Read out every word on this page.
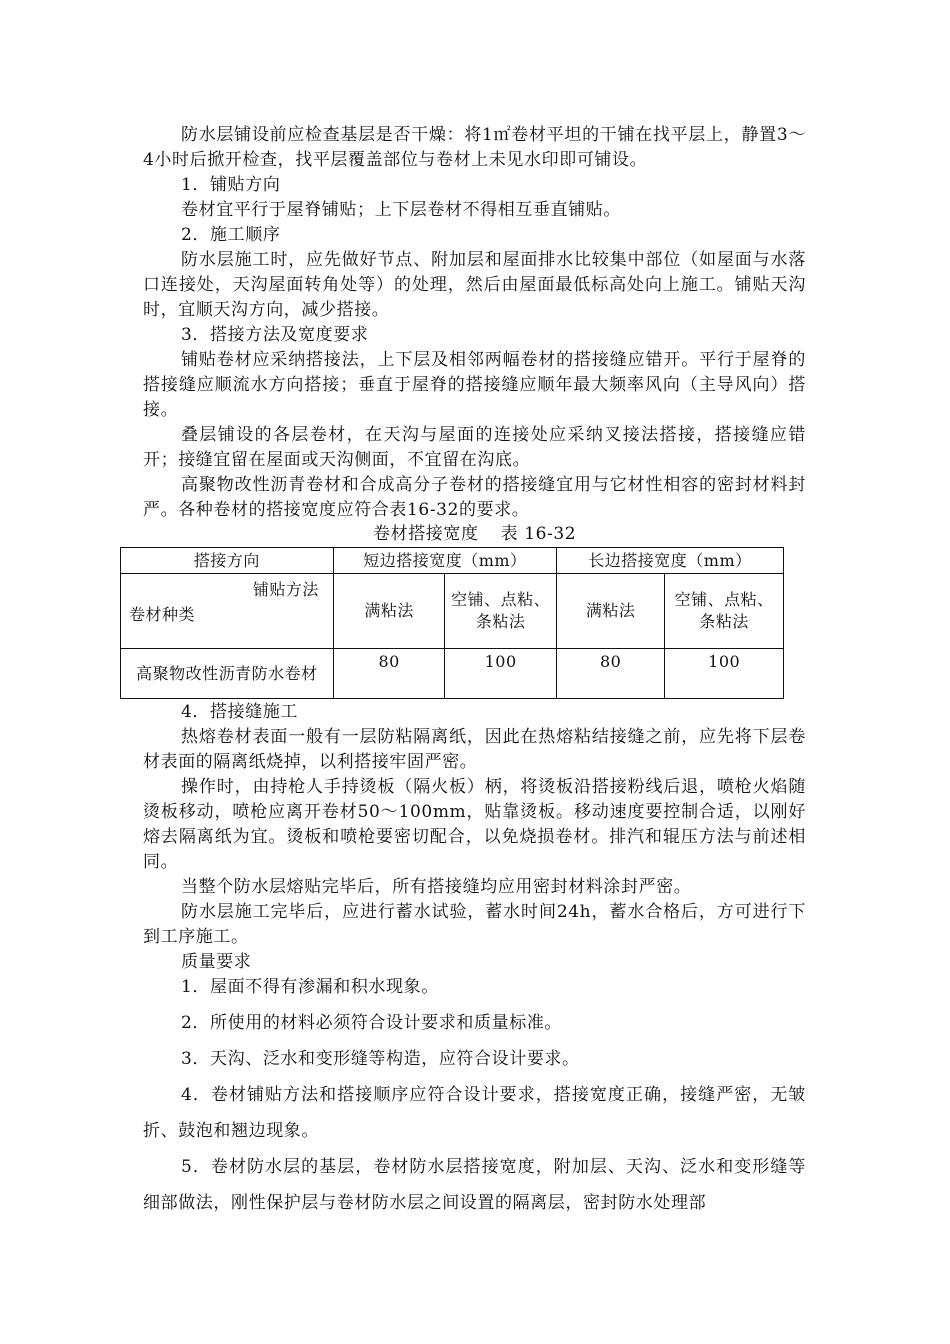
防水层铺设前应检查基层是否干燥：将1㎡卷材平坦的干铺在找平层上，静置3～4小时后掀开检查，找平层覆盖部位与卷材上未见水印即可铺设。

1．铺贴方向

卷材宜平行于屋脊铺贴；上下层卷材不得相互垂直铺贴。

2．施工顺序

防水层施工时，应先做好节点、附加层和屋面排水比较集中部位（如屋面与水落口连接处，天沟屋面转角处等）的处理，然后由屋面最低标高处向上施工。铺贴天沟时，宜顺天沟方向，减少搭接。

3．搭接方法及宽度要求

铺贴卷材应采纳搭接法，上下层及相邻两幅卷材的搭接缝应错开。平行于屋脊的搭接缝应顺流水方向搭接；垂直于屋脊的搭接缝应顺年最大频率风向（主导风向）搭接。

叠层铺设的各层卷材，在天沟与屋面的连接处应采纳叉接法搭接，搭接缝应错开；接缝宜留在屋面或天沟侧面，不宜留在沟底。

高聚物改性沥青卷材和合成高分子卷材的搭接缝宜用与它材性相容的密封材料封严。各种卷材的搭接宽度应符合表16-32的要求。

卷材搭接宽度 表 16-32
搭接方向	短边搭接宽度（mm）		长边搭接宽度（mm）	

铺贴方法
卷材种类	满粘法	空铺、点粘、条粘法	满粘法	空铺、点粘、条粘法
高聚物改性沥青防水卷材	80	100	80	100

4．搭接缝施工

热熔卷材表面一般有一层防粘隔离纸，因此在热熔粘结接缝之前，应先将下层卷材表面的隔离纸烧掉，以利搭接牢固严密。

操作时，由持枪人手持烫板（隔火板）柄，将烫板沿搭接粉线后退，喷枪火焰随烫板移动，喷枪应离开卷材50～100mm，贴靠烫板。移动速度要控制合适，以刚好熔去隔离纸为宜。烫板和喷枪要密切配合，以免烧损卷材。排汽和辊压方法与前述相同。

当整个防水层熔贴完毕后，所有搭接缝均应用密封材料涂封严密。

防水层施工完毕后，应进行蓄水试验，蓄水时间24h，蓄水合格后，方可进行下到工序施工。

质量要求

1．屋面不得有渗漏和积水现象。

2．所使用的材料必须符合设计要求和质量标准。

3．天沟、泛水和变形缝等构造，应符合设计要求。

4．卷材铺贴方法和搭接顺序应符合设计要求，搭接宽度正确，接缝严密，无皱折、鼓泡和翘边现象。

5．卷材防水层的基层，卷材防水层搭接宽度，附加层、天沟、泛水和变形缝等细部做法，刚性保护层与卷材防水层之间设置的隔离层，密封防水处理部
